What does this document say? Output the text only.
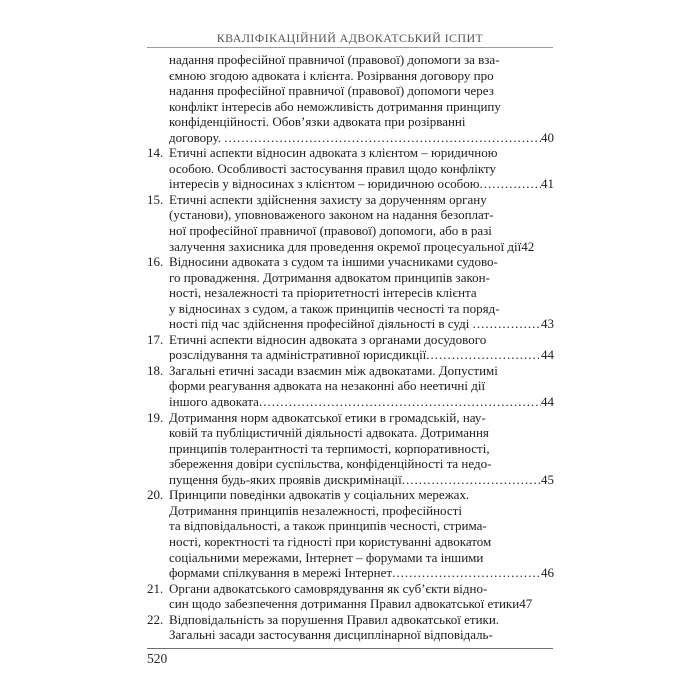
КВАЛІФІКАЦІЙНИЙ АДВОКАТСЬКИЙ ІСПИТ
надання професійної правничої (правової) допомоги за вза-
ємною згодою адвоката і клієнта. Розірвання договору про
надання професійної правничої (правової) допомоги через
конфлікт інтересів або неможливість дотримання принципу
конфіденційності. Обов’язки адвоката при розірванні
договору. .....	40
14. Етичні аспекти відносин адвоката з клієнтом – юридичною
особою. Особливості застосування правил щодо конфлікту
інтересів у відносинах з клієнтом – юридичною особою .....	41
15. Етичні аспекти здійснення захисту за дорученням органу
(установи), уповноваженого законом на надання безоплат-
ної професійної правничої (правової) допомоги, або в разі
залучення захисника для проведення окремої процесуальної дії 42
16. Відносини адвоката з судом та іншими учасниками судово-
го провадження. Дотримання адвокатом принципів закон-
ності, незалежності та пріоритетності інтересів клієнта
у відносинах з судом, а також принципів чесності та поряд-
ності під час здійснення професійної діяльності в суді .....	43
17. Етичні аспекти відносин адвоката з органами досудового
розслідування та адміністративної юрисдикції .....	44
18. Загальні етичні засади взаємин між адвокатами. Допустимі
форми реагування адвоката на незаконні або неетичні дії
іншого адвоката .....	44
19. Дотримання норм адвокатської етики в громадській, нау-
ковій та публіцистичній діяльності адвоката. Дотримання
принципів толерантності та терпимості, корпоративності,
збереження довіри суспільства, конфіденційності та недо-
пущення будь-яких проявів дискримінації .....	45
20. Принципи поведінки адвокатів у соціальних мережах.
Дотримання принципів незалежності, професійності
та відповідальності, а також принципів чесності, стрима-
ності, коректності та гідності при користуванні адвокатом
соціальними мережами, Інтернет – форумами та іншими
формами спілкування в мережі Інтернет .....	46
21. Органи адвокатського самоврядування як суб’єкти відно-
син щодо забезпечення дотримання Правил адвокатської етики 47
22. Відповідальність за порушення Правил адвокатської етики.
Загальні засади застосування дисциплінарної відповідаль-
520
